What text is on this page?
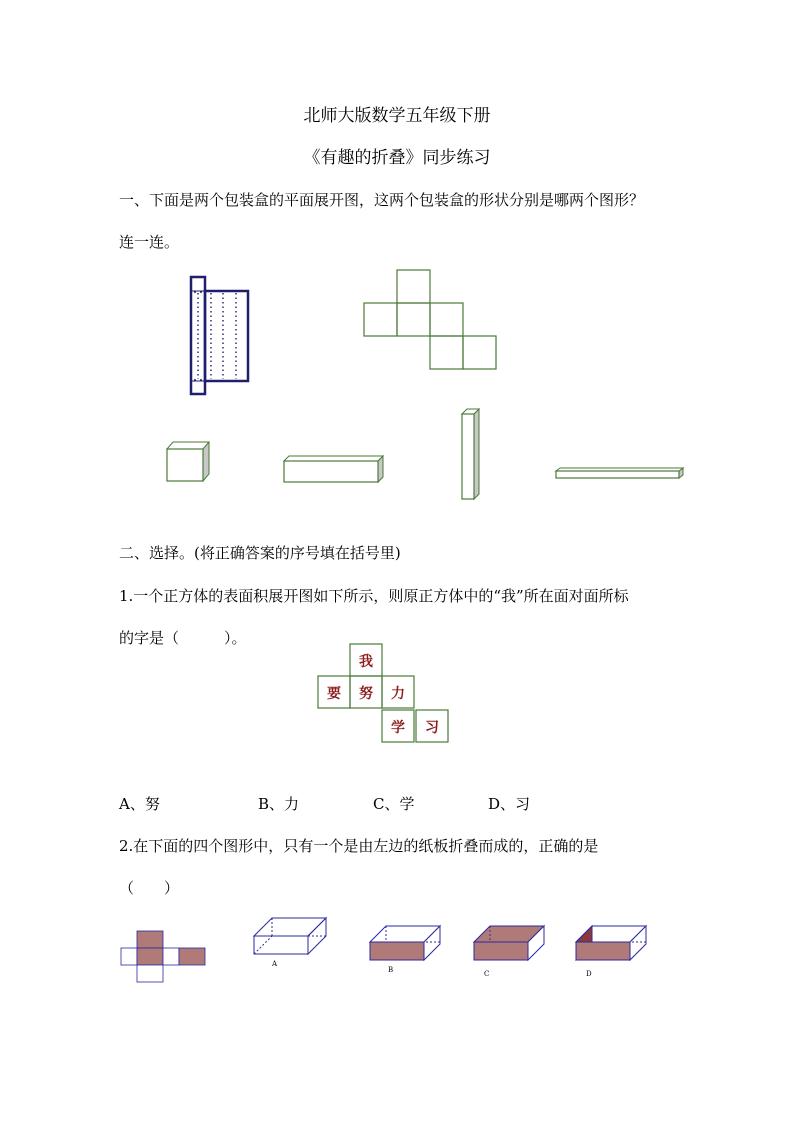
北师大版数学五年级下册
《有趣的折叠》同步练习
一、下面是两个包装盒的平面展开图，这两个包装盒的形状分别是哪两个图形？
连一连。
二、选择。(将正确答案的序号填在括号里)
1.一个正方体的表面积展开图如下所示，则原正方体中的“我”所在面对面所标
的字是（　　　）。
我
要 努 力
学 习
A、努	B、力	C、学	D、习
2.在下面的四个图形中，只有一个是由左边的纸板折叠而成的，正确的是
（　　）
A
B	C	D
